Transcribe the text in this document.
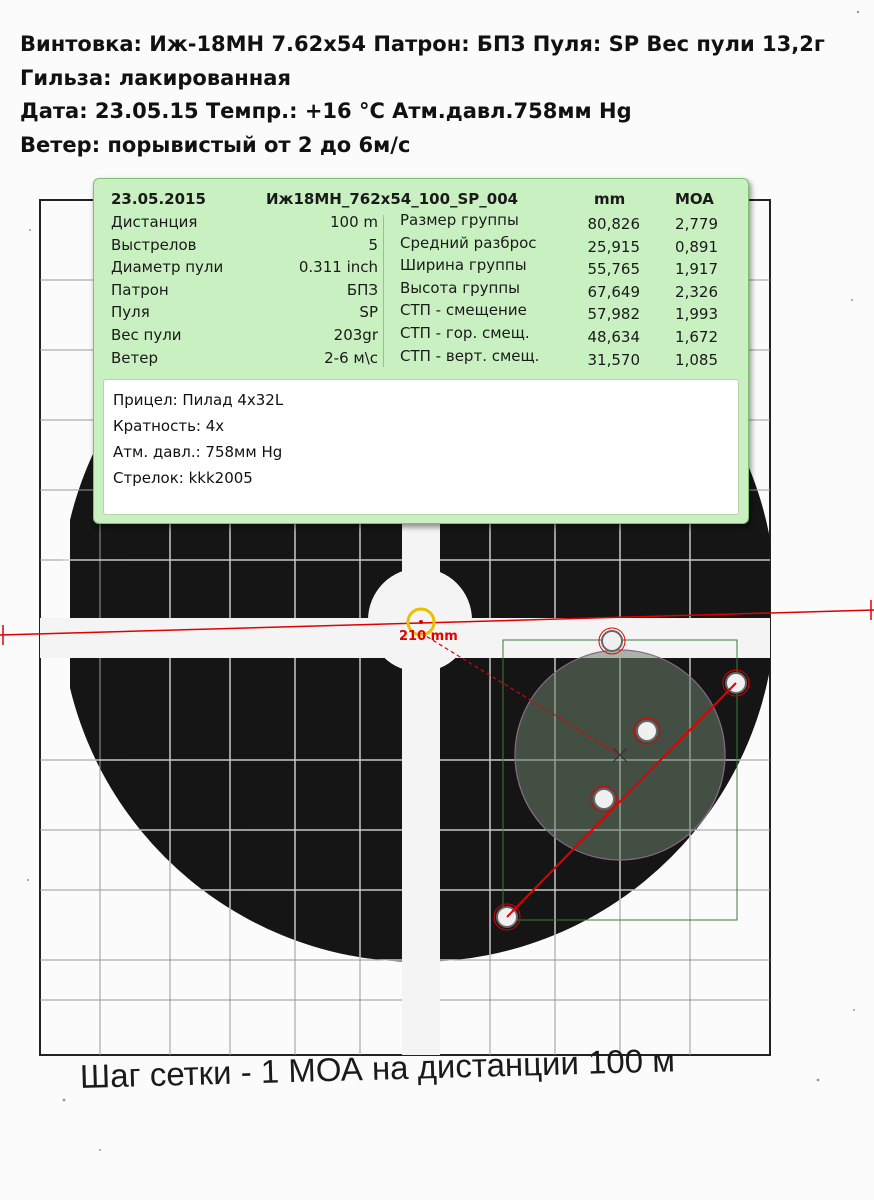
Винтовка: Иж-18МН 7.62x54 Патрон: БПЗ Пуля: SP Вес пули 13,2г
Гильза: лакированная
Дата: 23.05.15 Темпр.: +16 °C Атм.давл.758мм Hg
Ветер: порывистый от 2 до 6м/с
210 mm
23.05.2015	Иж18МН_762x54_100_SP_004	mm	MOA
Дистанция	100 m
Выстрелов	5
Диаметр пули	0.311 inch
Патрон	БПЗ
Пуля	SP
Вес пули	203gr
Ветер	2-6 м\с
Размер группы	80,826	2,779
Средний разброс	25,915	0,891
Ширина группы	55,765	1,917
Высота группы	67,649	2,326
СТП - смещение	57,982	1,993
СТП - гор. смещ.	48,634	1,672
СТП - верт. смещ.	31,570	1,085
Прицел: Пилад 4x32L
Кратность: 4x
Атм. давл.: 758мм Hg
Стрелок: kkk2005
Шаг сетки - 1 МОА на дистанции 100 м
